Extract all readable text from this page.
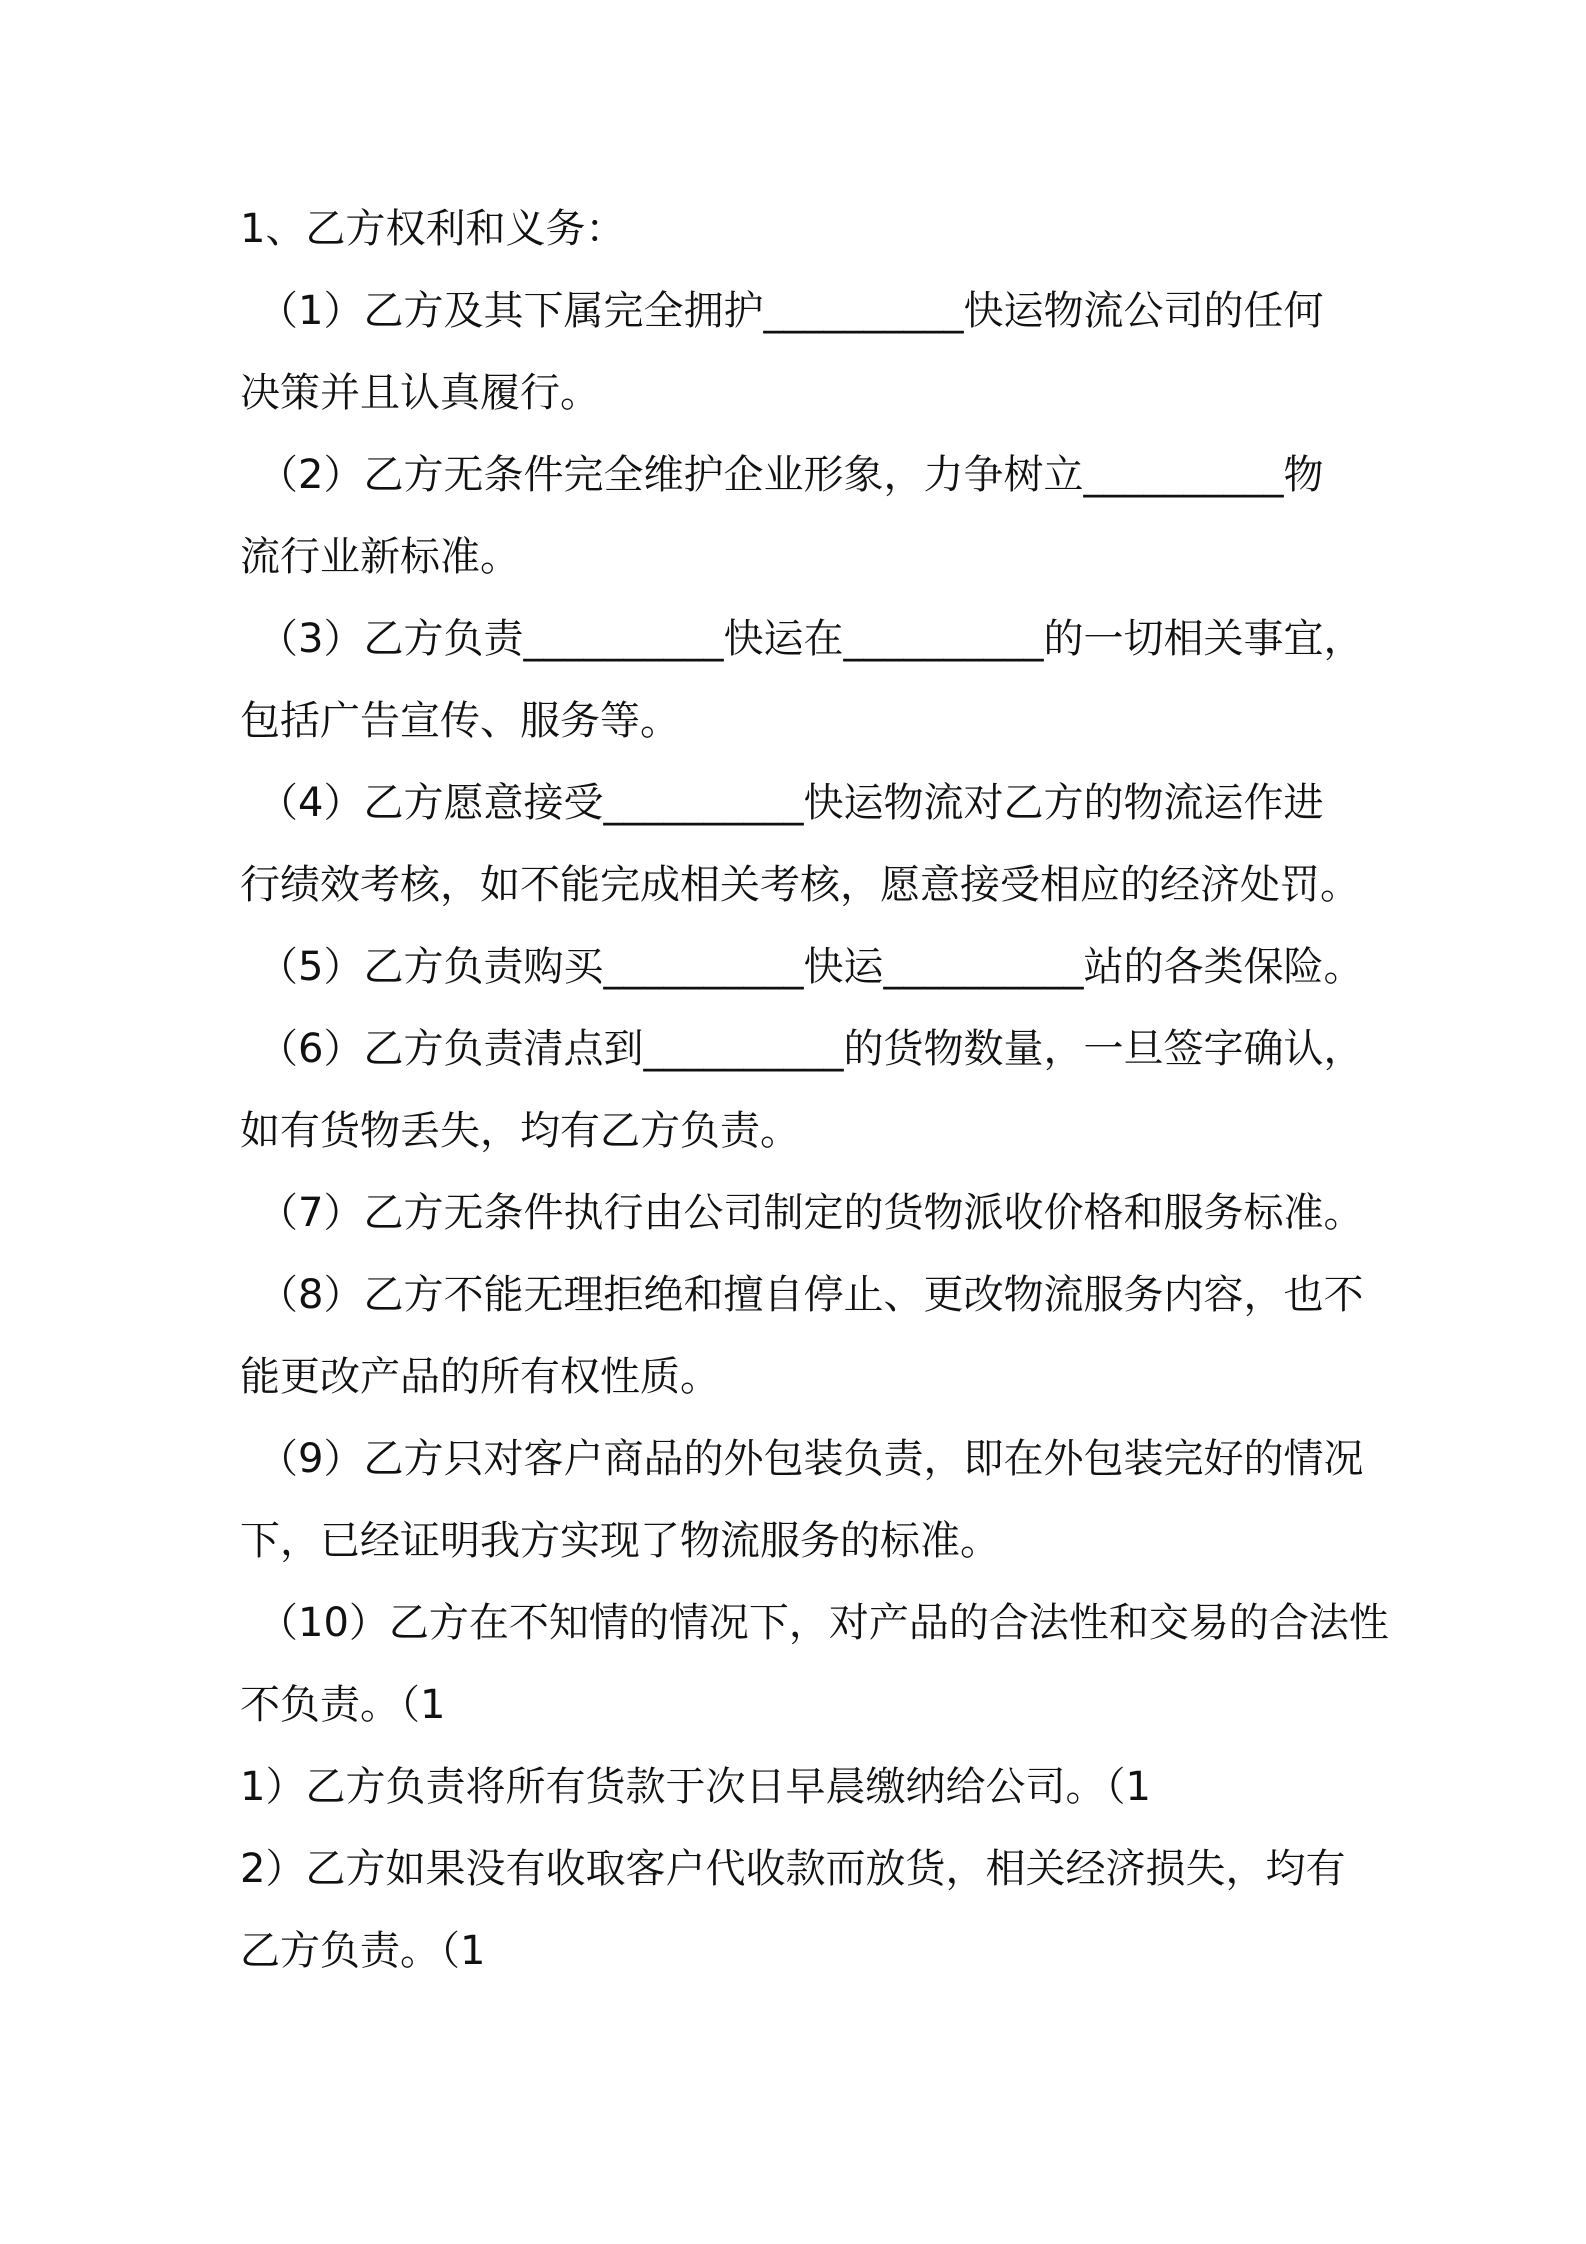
1、乙方权利和义务：
（1）乙方及其下属完全拥护__________快运物流公司的任何
决策并且认真履行。
（2）乙方无条件完全维护企业形象，力争树立__________物
流行业新标准。
（3）乙方负责__________快运在__________的一切相关事宜，
包括广告宣传、服务等。
（4）乙方愿意接受__________快运物流对乙方的物流运作进
行绩效考核，如不能完成相关考核，愿意接受相应的经济处罚。
（5）乙方负责购买__________快运__________站的各类保险。
（6）乙方负责清点到__________的货物数量，一旦签字确认，
如有货物丢失，均有乙方负责。
（7）乙方无条件执行由公司制定的货物派收价格和服务标准。
（8）乙方不能无理拒绝和擅自停止、更改物流服务内容，也不
能更改产品的所有权性质。
（9）乙方只对客户商品的外包装负责，即在外包装完好的情况
下，已经证明我方实现了物流服务的标准。
（10）乙方在不知情的情况下，对产品的合法性和交易的合法性
不负责。（1
1）乙方负责将所有货款于次日早晨缴纳给公司。（1
2）乙方如果没有收取客户代收款而放货，相关经济损失，均有
乙方负责。（1
